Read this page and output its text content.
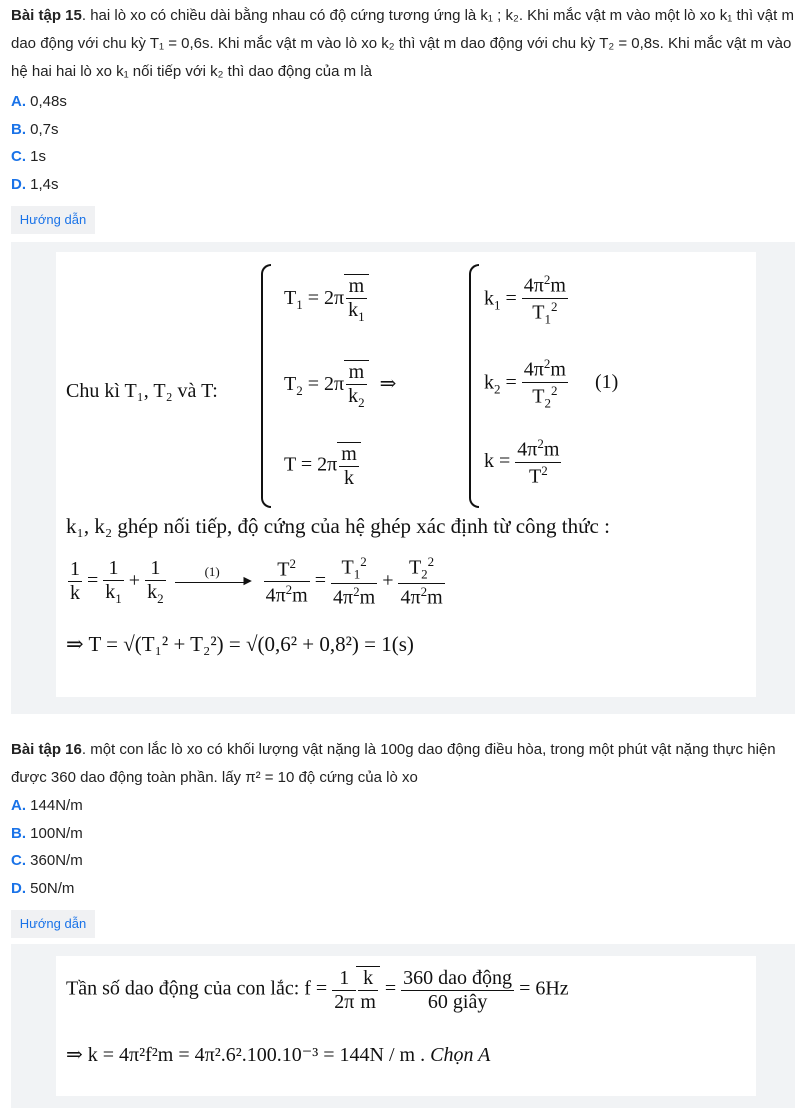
Bài tập 15. hai lò xo có chiều dài bằng nhau có độ cứng tương ứng là k₁ ; k₂. Khi mắc vật m vào một lò xo k₁ thì vật m dao động với chu kỳ T₁ = 0,6s. Khi mắc vật m vào lò xo k₂ thì vật m dao động với chu kỳ T₂ = 0,8s. Khi mắc vật m vào hệ hai hai lò xo k₁ nối tiếp với k₂ thì dao động của m là
A. 0,48s
B. 0,7s
C. 1s
D. 1,4s
Hướng dẫn
Chu kì T₁, T₂ và T:
$T_1 = 2\pi \frac{m}{k_1}$
$T_2 = 2\pi \frac{m}{k_2}$ ⇒
$T = 2\pi \frac{m}{k}$
$k_1 = \frac{4\pi^2m}{T_1^2}$
$k_2 = \frac{4\pi^2m}{T_2^2} (1)$
$k = \frac{4\pi^2m}{T^2}$
k₁, k₂ ghép nối tiếp, độ cứng của hệ ghép xác định từ công thức :
$\frac{1}{k} = \frac{1}{k_1} + \frac{1}{k_2}$
	(1)
►
$\frac{T^2}{4\pi^2m} = \frac{T_1^2}{4\pi^2m} + \frac{T_2^2}{4\pi^2m}$
⇒ T = √(T₁² + T₂²) = √(0,6² + 0,8²) = 1(s)
Bài tập 16. một con lắc lò xo có khối lượng vật nặng là 100g dao động điều hòa, trong một phút vật nặng thực hiện được 360 dao động toàn phần. lấy π² = 10 độ cứng của lò xo
A. 144N/m
B. 100N/m
C. 360N/m
D. 50N/m
Hướng dẫn
Tần số dao động của con lắc: $f = \frac{1}{2\pi} \frac{k}{m} = \frac{\text{360 dao động}}{\text{60 giây}} = 6Hz$
⇒ k = 4π²f²m = 4π².6².100.10⁻³ = 144N / m . Chọn A
